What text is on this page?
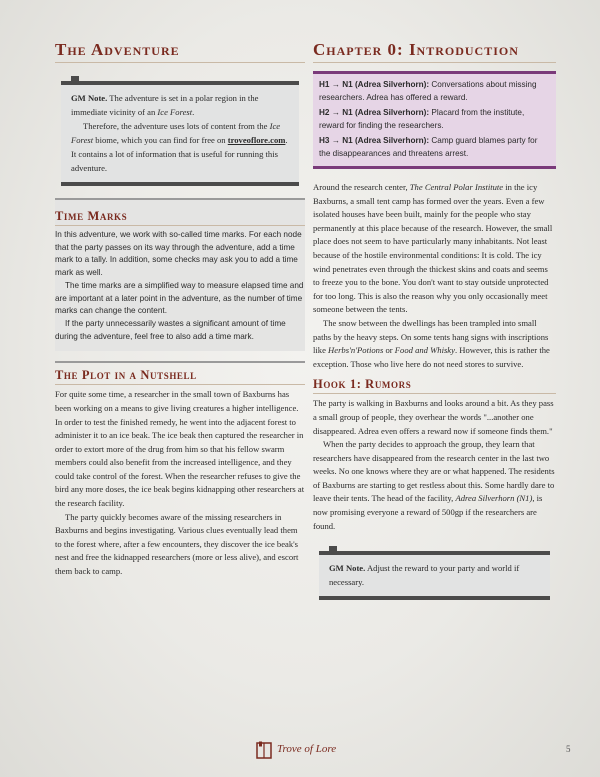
The Adventure

GM Note. The adventure is set in a polar region in the immediate vicinity of an Ice Forest.

Therefore, the adventure uses lots of content from the Ice Forest biome, which you can find for free on troveoflore.com. It contains a lot of information that is useful for running this adventure.

Time Marks

In this adventure, we work with so-called time marks. For each node that the party passes on its way through the adventure, add a time mark to a tally. In addition, some checks may ask you to add a time mark as well.

The time marks are a simplified way to measure elapsed time and are important at a later point in the adventure, as the number of time marks can change the content.

If the party unnecessarily wastes a significant amount of time during the adventure, feel free to also add a time mark.

The Plot in a Nutshell

For quite some time, a researcher in the small town of Baxburns has been working on a means to give living creatures a higher intelligence. In order to test the finished remedy, he went into the adjacent forest to administer it to an ice beak. The ice beak then captured the researcher in order to extort more of the drug from him so that his fellow swarm members could also benefit from the increased intelligence, and they could take control of the forest. When the researcher refuses to give the bird any more doses, the ice beak begins kidnapping other researchers at the research facility.

The party quickly becomes aware of the missing researchers in Baxburns and begins investigating. Various clues eventually lead them to the forest where, after a few encounters, they discover the ice beak's nest and free the kidnapped researchers (more or less alive), and escort them back to camp.

Chapter 0: Introduction

H1 → N1 (Adrea Silverhorn): Conversations about missing researchers. Adrea has offered a reward.

H2 → N1 (Adrea Silverhorn): Placard from the institute, reward for finding the researchers.

H3 → N1 (Adrea Silverhorn): Camp guard blames party for the disappearances and threatens arrest.

Around the research center, The Central Polar Institute in the icy Baxburns, a small tent camp has formed over the years. Even a few isolated houses have been built, mainly for the people who stay permanently at this place because of the research. However, the small place does not seem to have particularly many inhabitants. Not least because of the hostile environmental conditions: It is cold. The icy wind penetrates even through the thickest skins and coats and seems to freeze you to the bone. You don't want to stay outside unprotected for too long. This is also the reason why you only occasionally meet someone between the tents.

The snow between the dwellings has been trampled into small paths by the heavy steps. On some tents hang signs with inscriptions like Herbs'n'Potions or Food and Whisky. However, this is rather the exception. Those who live here do not need stores to survive.

Hook 1: Rumors

The party is walking in Baxburns and looks around a bit. As they pass a small group of people, they overhear the words "...another one disappeared. Adrea even offers a reward now if someone finds them."

When the party decides to approach the group, they learn that researchers have disappeared from the research center in the last two weeks. No one knows where they are or what happened. The residents of Baxburns are starting to get restless about this. Some hardly dare to leave their tents. The head of the facility, Adrea Silverhorn (N1), is now promising everyone a reward of 500gp if the researchers are found.

GM Note. Adjust the reward to your party and world if necessary.

Trove of Lore	5
